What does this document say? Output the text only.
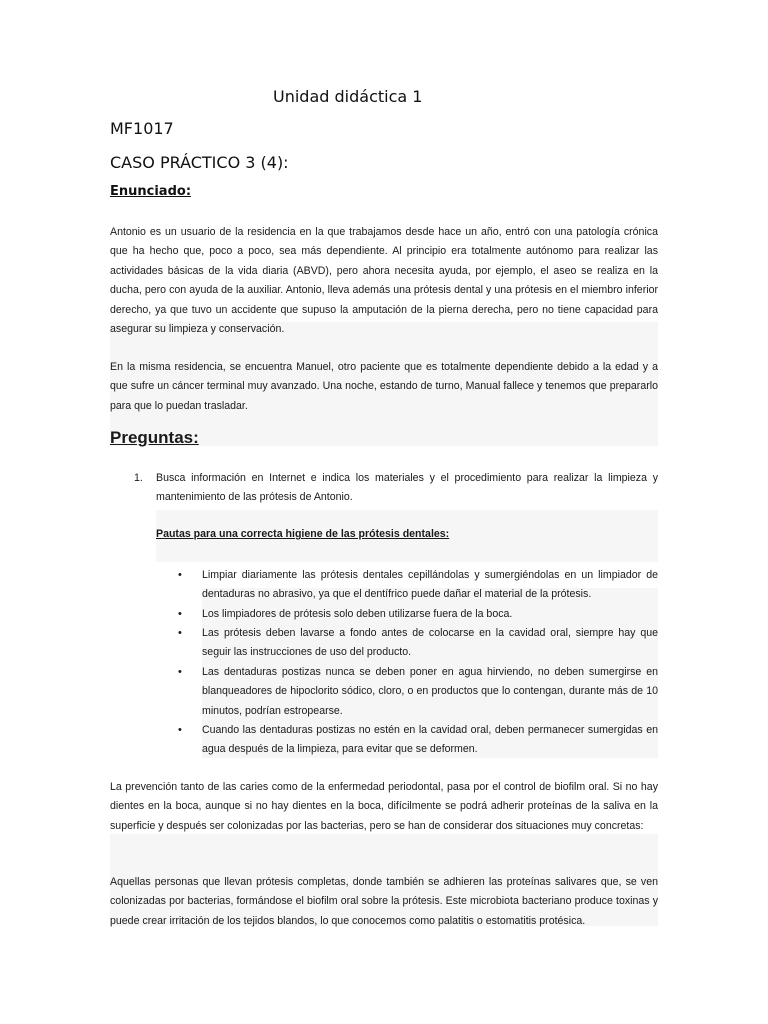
Unidad didáctica 1
MF1017
CASO PRÁCTICO 3 (4):
Enunciado:
Antonio es un usuario de la residencia en la que trabajamos desde hace un año, entró con una patología crónica que ha hecho que, poco a poco, sea más dependiente. Al principio era totalmente autónomo para realizar las actividades básicas de la vida diaria (ABVD), pero ahora necesita ayuda, por ejemplo, el aseo se realiza en la ducha, pero con ayuda de la auxiliar. Antonio, lleva además una prótesis dental y una prótesis en el miembro inferior derecho, ya que tuvo un accidente que supuso la amputación de la pierna derecha, pero no tiene capacidad para asegurar su limpieza y conservación.
En la misma residencia, se encuentra Manuel, otro paciente que es totalmente dependiente debido a la edad y a que sufre un cáncer terminal muy avanzado. Una noche, estando de turno, Manual fallece y tenemos que prepararlo para que lo puedan trasladar.
Preguntas:
1. Busca información en Internet e indica los materiales y el procedimiento para realizar la limpieza y mantenimiento de las prótesis de Antonio.
Pautas para una correcta higiene de las prótesis dentales:
• Limpiar diariamente las prótesis dentales cepillándolas y sumergiéndolas en un limpiador de dentaduras no abrasivo, ya que el dentífrico puede dañar el material de la prótesis.
• Los limpiadores de prótesis solo deben utilizarse fuera de la boca.
• Las prótesis deben lavarse a fondo antes de colocarse en la cavidad oral, siempre hay que seguir las instrucciones de uso del producto.
• Las dentaduras postizas nunca se deben poner en agua hirviendo, no deben sumergirse en blanqueadores de hipoclorito sódico, cloro, o en productos que lo contengan, durante más de 10 minutos, podrían estropearse.
• Cuando las dentaduras postizas no estén en la cavidad oral, deben permanecer sumergidas en agua después de la limpieza, para evitar que se deformen.
La prevención tanto de las caries como de la enfermedad periodontal, pasa por el control de biofilm oral. Si no hay dientes en la boca, aunque si no hay dientes en la boca, difícilmente se podrá adherir proteínas de la saliva en la superficie y después ser colonizadas por las bacterias, pero se han de considerar dos situaciones muy concretas:
Aquellas personas que llevan prótesis completas, donde también se adhieren las proteínas salivares que, se ven colonizadas por bacterias, formándose el biofilm oral sobre la prótesis. Este microbiota bacteriano produce toxinas y puede crear irritación de los tejidos blandos, lo que conocemos como palatitis o estomatitis protésica.
